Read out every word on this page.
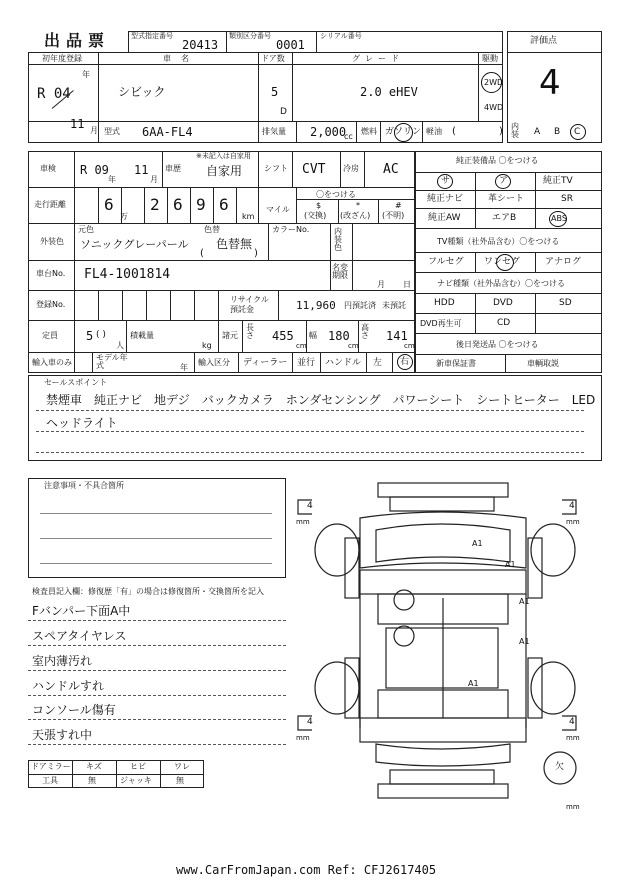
出品票	型式指定番号
20413
類別区分番号
0001
シリアル番号	評価点
4
初年度登録
年
R 04
11 月
車名
シビック
ドア数
5
D
グレード
2.0 eHEV
駆動
2WD
4WD
型式 6AA-FL4	排気量 2,000
cc
燃料 ガソリン 軽油 (	) 内装	A B C
車検 R 09
年
11
月
車歴
※未記入は自家用
自家用	シフト CVT 冷房 AC
走行距離 6
万
2 6 9 6
km
マイル
〇をつける
$
(交換)
*
(改ざん)
#
(不明)
外装色
元色
ソニックグレーパール
色替
色替無
(	)
カラーNo.	内装色
車台No. FL4-1001814	名変期限
月 日
登録No.
リサイクル預託金	11,960 円預託済 未預託
定員 5 ( )
人
積載量
kg
諸元
長さ 455
cm
幅 180
cm
高さ 141
cm
輸入車のみ
モデル年式	年
輸入区分 ディーラー 並行 ハンドル 左 右
純正装備品 〇をつける
サ	ア	純正TV
純正ナビ	革シート	SR
純正AW	エアB	ABS
TV種類（社外品含む）〇をつける
フルセグ ワンセグ	アナログ
ナビ種類（社外品含む）〇をつける
HDD	DVD	SD
DVD再生可	CD
後日発送品 〇をつける
新車保証書	車輌取説
セールスポイント
禁煙車　純正ナビ　地デジ　バックカメラ　ホンダセンシング　パワーシート　シートヒーター　LED
ヘッドライト
注意事項・不具合箇所
検査員記入欄：修復歴「有」の場合は修復箇所・交換箇所を記入
Fバンパー下面A中
スペアタイヤレス
室内薄汚れ
ハンドルすれ
コンソール傷有
天張すれ中
ドアミラー キズ	ヒビ	ワレ
工具	無	ジャッキ	無
4
mm
4
mm
4
mm
4
mm
A1
A1
A1
A1
A1
欠
mm
www.CarFromJapan.com Ref: CFJ2617405
